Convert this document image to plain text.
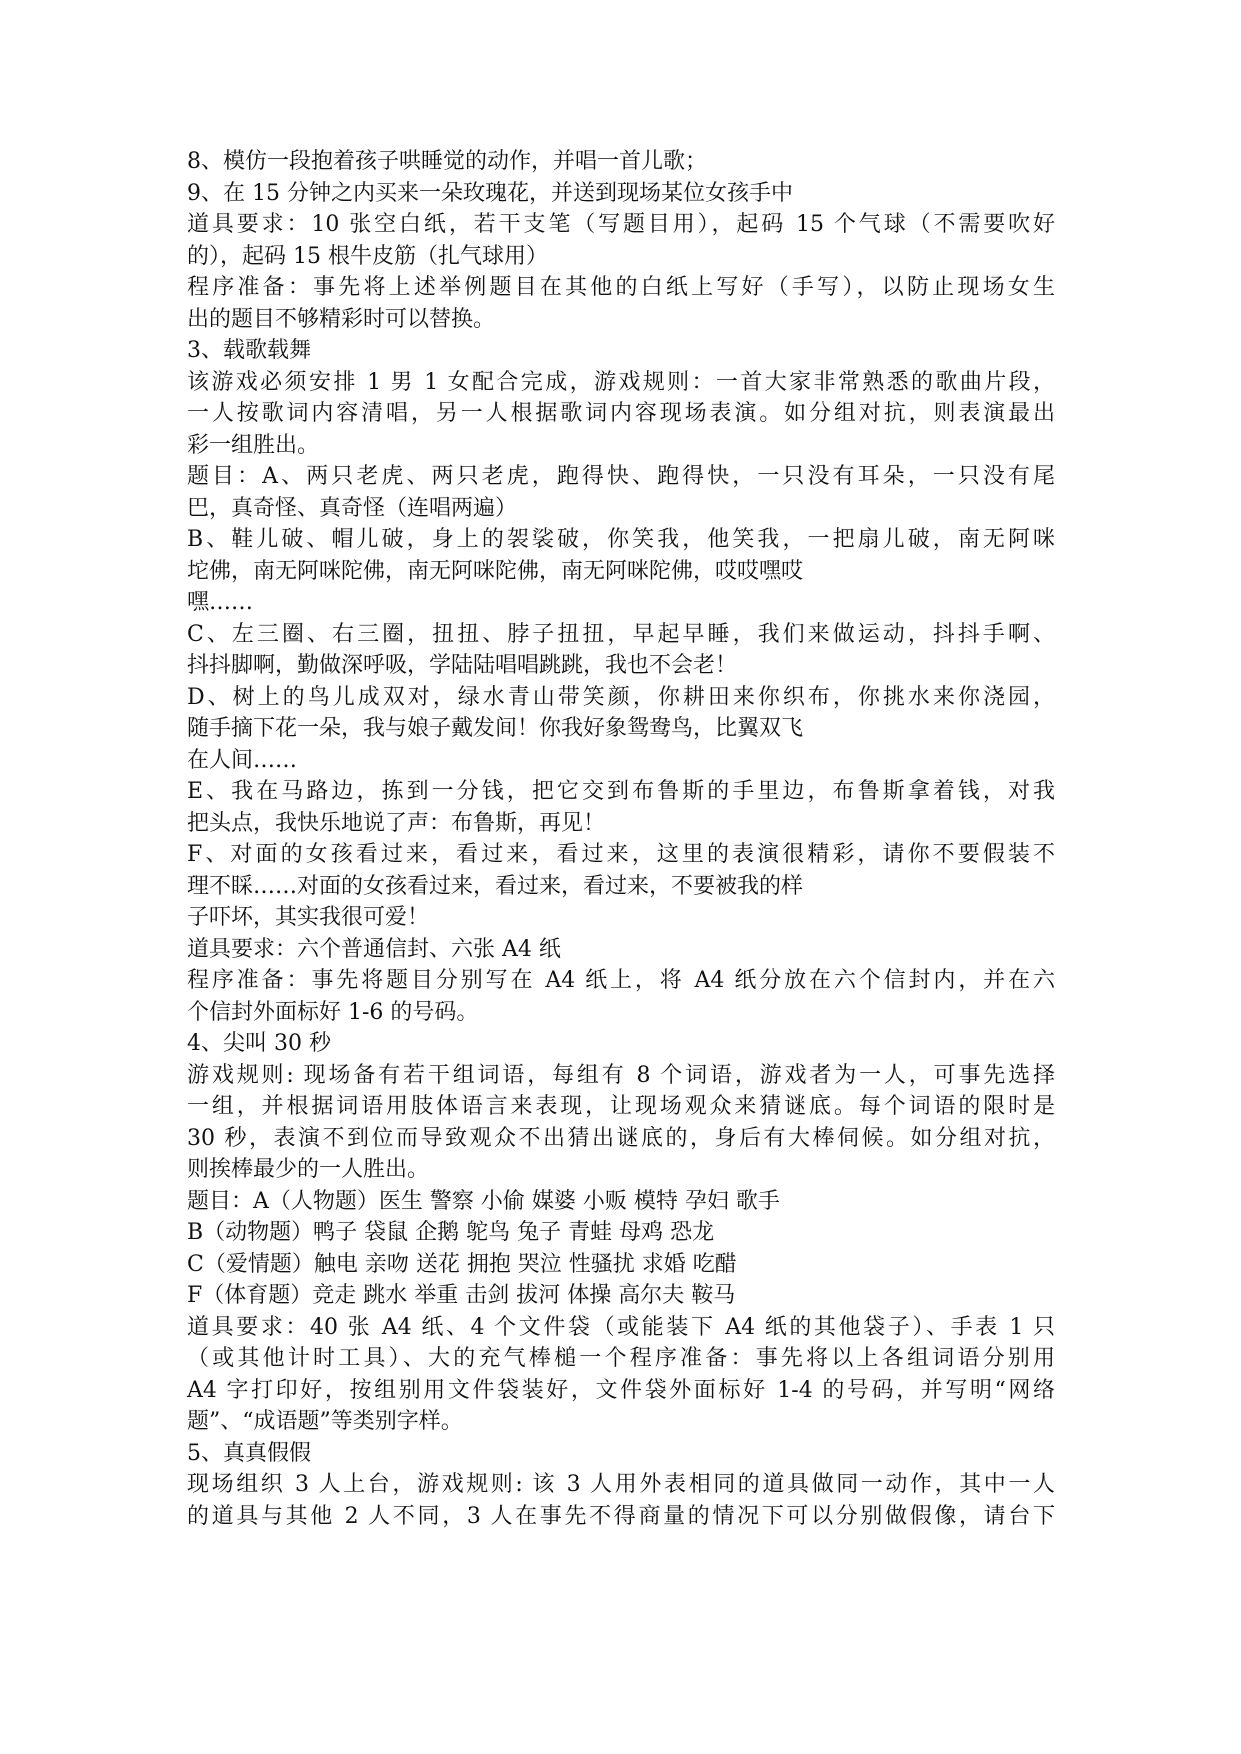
8、模仿一段抱着孩子哄睡觉的动作，并唱一首儿歌；
9、在 15 分钟之内买来一朵玫瑰花，并送到现场某位女孩手中
道具要求：10 张空白纸，若干支笔（写题目用），起码 15 个气球（不需要吹好
的），起码 15 根牛皮筋（扎气球用）
程序准备：事先将上述举例题目在其他的白纸上写好（手写），以防止现场女生
出的题目不够精彩时可以替换。
3、载歌载舞
该游戏必须安排 1 男 1 女配合完成，游戏规则：一首大家非常熟悉的歌曲片段，
一人按歌词内容清唱，另一人根据歌词内容现场表演。如分组对抗，则表演最出
彩一组胜出。
题目：A、两只老虎、两只老虎，跑得快、跑得快，一只没有耳朵，一只没有尾
巴，真奇怪、真奇怪（连唱两遍）
B、鞋儿破、帽儿破，身上的袈裟破，你笑我，他笑我，一把扇儿破，南无阿咪
坨佛，南无阿咪陀佛，南无阿咪陀佛，南无阿咪陀佛，哎哎嘿哎
嘿……
C、左三圈、右三圈，扭扭、脖子扭扭，早起早睡，我们来做运动，抖抖手啊、
抖抖脚啊，勤做深呼吸，学陆陆唱唱跳跳，我也不会老！
D、树上的鸟儿成双对，绿水青山带笑颜，你耕田来你织布，你挑水来你浇园，
随手摘下花一朵，我与娘子戴发间！你我好象鸳鸯鸟，比翼双飞
在人间……
E、我在马路边，拣到一分钱，把它交到布鲁斯的手里边，布鲁斯拿着钱，对我
把头点，我快乐地说了声：布鲁斯，再见！
F、对面的女孩看过来，看过来，看过来，这里的表演很精彩，请你不要假装不
理不睬……对面的女孩看过来，看过来，看过来，不要被我的样
子吓坏，其实我很可爱！
道具要求：六个普通信封、六张 A4 纸
程序准备：事先将题目分别写在 A4 纸上，将 A4 纸分放在六个信封内，并在六
个信封外面标好 1-6 的号码。
4、尖叫 30 秒
游戏规则: 现场备有若干组词语，每组有 8 个词语，游戏者为一人，可事先选择
一组，并根据词语用肢体语言来表现，让现场观众来猜谜底。每个词语的限时是
30 秒，表演不到位而导致观众不出猜出谜底的，身后有大棒伺候。如分组对抗，
则挨棒最少的一人胜出。
题目：A（人物题）医生 警察 小偷 媒婆 小贩 模特 孕妇 歌手
B（动物题）鸭子 袋鼠 企鹅 鸵鸟 兔子 青蛙 母鸡 恐龙
C（爱情题）触电 亲吻 送花 拥抱 哭泣 性骚扰 求婚 吃醋
F（体育题）竞走 跳水 举重 击剑 拔河 体操 高尔夫 鞍马
道具要求：40 张 A4 纸、4 个文件袋（或能装下 A4 纸的其他袋子）、手表 1 只
（或其他计时工具）、大的充气棒槌一个程序准备：事先将以上各组词语分别用
A4 字打印好，按组别用文件袋装好，文件袋外面标好 1-4 的号码，并写明“网络
题”、“成语题”等类别字样。
5、真真假假
现场组织 3 人上台，游戏规则: 该 3 人用外表相同的道具做同一动作，其中一人
的道具与其他 2 人不同，3 人在事先不得商量的情况下可以分别做假像，请台下
